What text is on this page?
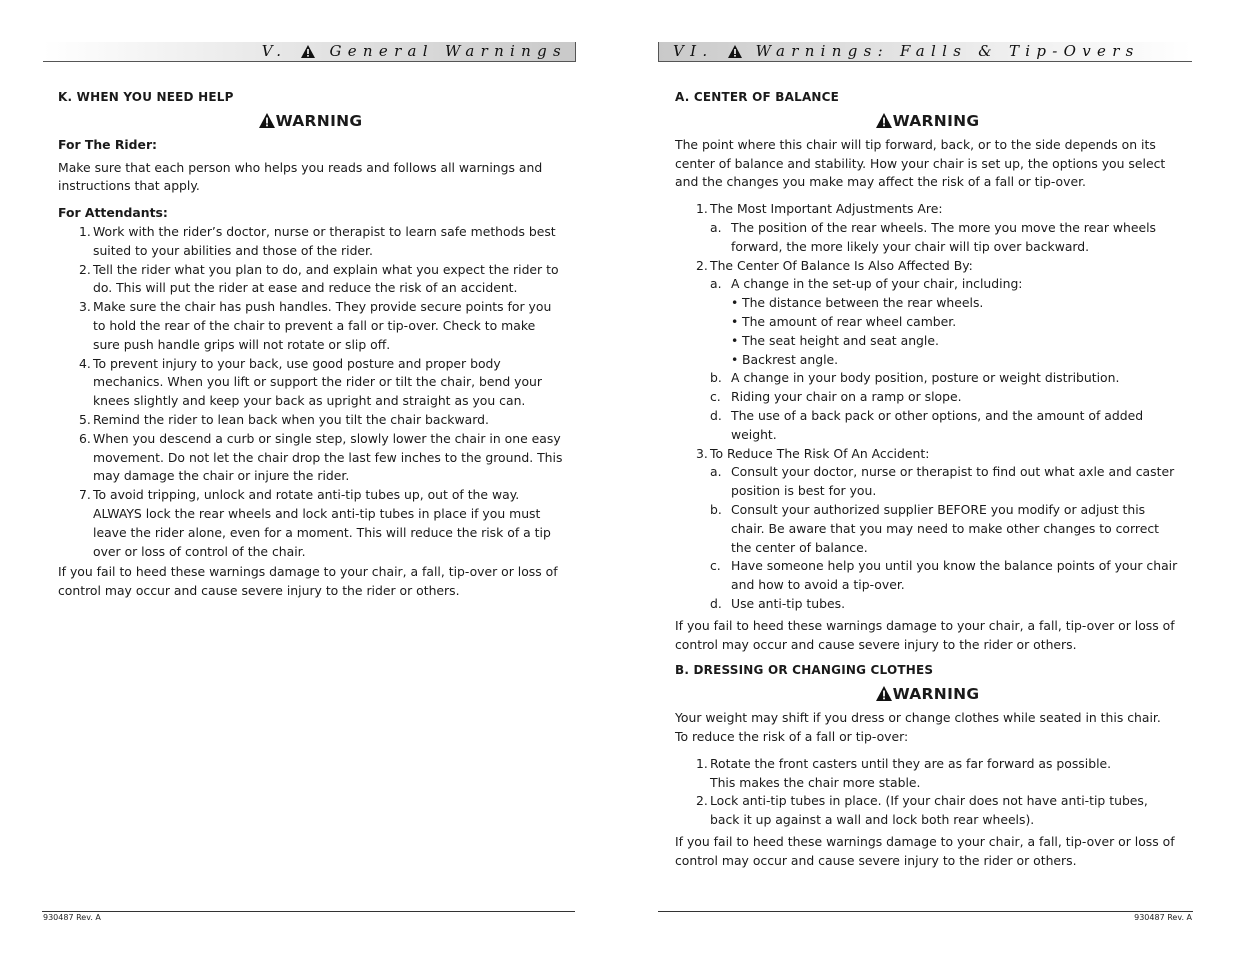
V.	General Warnings
K. WHEN YOU NEED HELP
WARNING

For The Rider:

Make sure that each person who helps you reads and follows all warnings and instructions that apply.

For Attendants:

1. Work with the rider’s doctor, nurse or therapist to learn safe methods best suited to your abilities and those of the rider.
2. Tell the rider what you plan to do, and explain what you expect the rider to do. This will put the rider at ease and reduce the risk of an accident.
3. Make sure the chair has push handles. They provide secure points for you to hold the rear of the chair to prevent a fall or tip-over. Check to make sure push handle grips will not rotate or slip off.
4. To prevent injury to your back, use good posture and proper body mechanics. When you lift or support the rider or tilt the chair, bend your knees slightly and keep your back as upright and straight as you can.
5. Remind the rider to lean back when you tilt the chair backward.
6. When you descend a curb or single step, slowly lower the chair in one easy movement. Do not let the chair drop the last few inches to the ground. This may damage the chair or injure the rider.
7. To avoid tripping, unlock and rotate anti-tip tubes up, out of the way. ALWAYS lock the rear wheels and lock anti-tip tubes in place if you must leave the rider alone, even for a moment. This will reduce the risk of a tip over or loss of control of the chair.

If you fail to heed these warnings damage to your chair, a fall, tip-over or loss of control may occur and cause severe injury to the rider or others.

930487 Rev. A
VI.	Warnings: Falls & Tip-Overs
A. CENTER OF BALANCE
WARNING

The point where this chair will tip forward, back, or to the side depends on its center of balance and stability. How your chair is set up, the options you select and the changes you make may affect the risk of a fall or tip-over.

1. The Most Important Adjustments Are:
a. The position of the rear wheels. The more you move the rear wheels forward, the more likely your chair will tip over backward.
2. The Center Of Balance Is Also Affected By:
a. A change in the set-up of your chair, including:
• The distance between the rear wheels.
• The amount of rear wheel camber.
• The seat height and seat angle.
• Backrest angle.
b. A change in your body position, posture or weight distribution.
c. Riding your chair on a ramp or slope.
d. The use of a back pack or other options, and the amount of added weight.
3. To Reduce The Risk Of An Accident:
a. Consult your doctor, nurse or therapist to find out what axle and caster position is best for you.
b. Consult your authorized supplier BEFORE you modify or adjust this chair. Be aware that you may need to make other changes to correct the center of balance.
c. Have someone help you until you know the balance points of your chair and how to avoid a tip-over.
d. Use anti-tip tubes.

If you fail to heed these warnings damage to your chair, a fall, tip-over or loss of control may occur and cause severe injury to the rider or others.

B. DRESSING OR CHANGING CLOTHES
WARNING

Your weight may shift if you dress or change clothes while seated in this chair.

To reduce the risk of a fall or tip-over:

1. Rotate the front casters until they are as far forward as possible.
This makes the chair more stable.
2. Lock anti-tip tubes in place. (If your chair does not have anti-tip tubes, back it up against a wall and lock both rear wheels).

If you fail to heed these warnings damage to your chair, a fall, tip-over or loss of control may occur and cause severe injury to the rider or others.

930487 Rev. A
